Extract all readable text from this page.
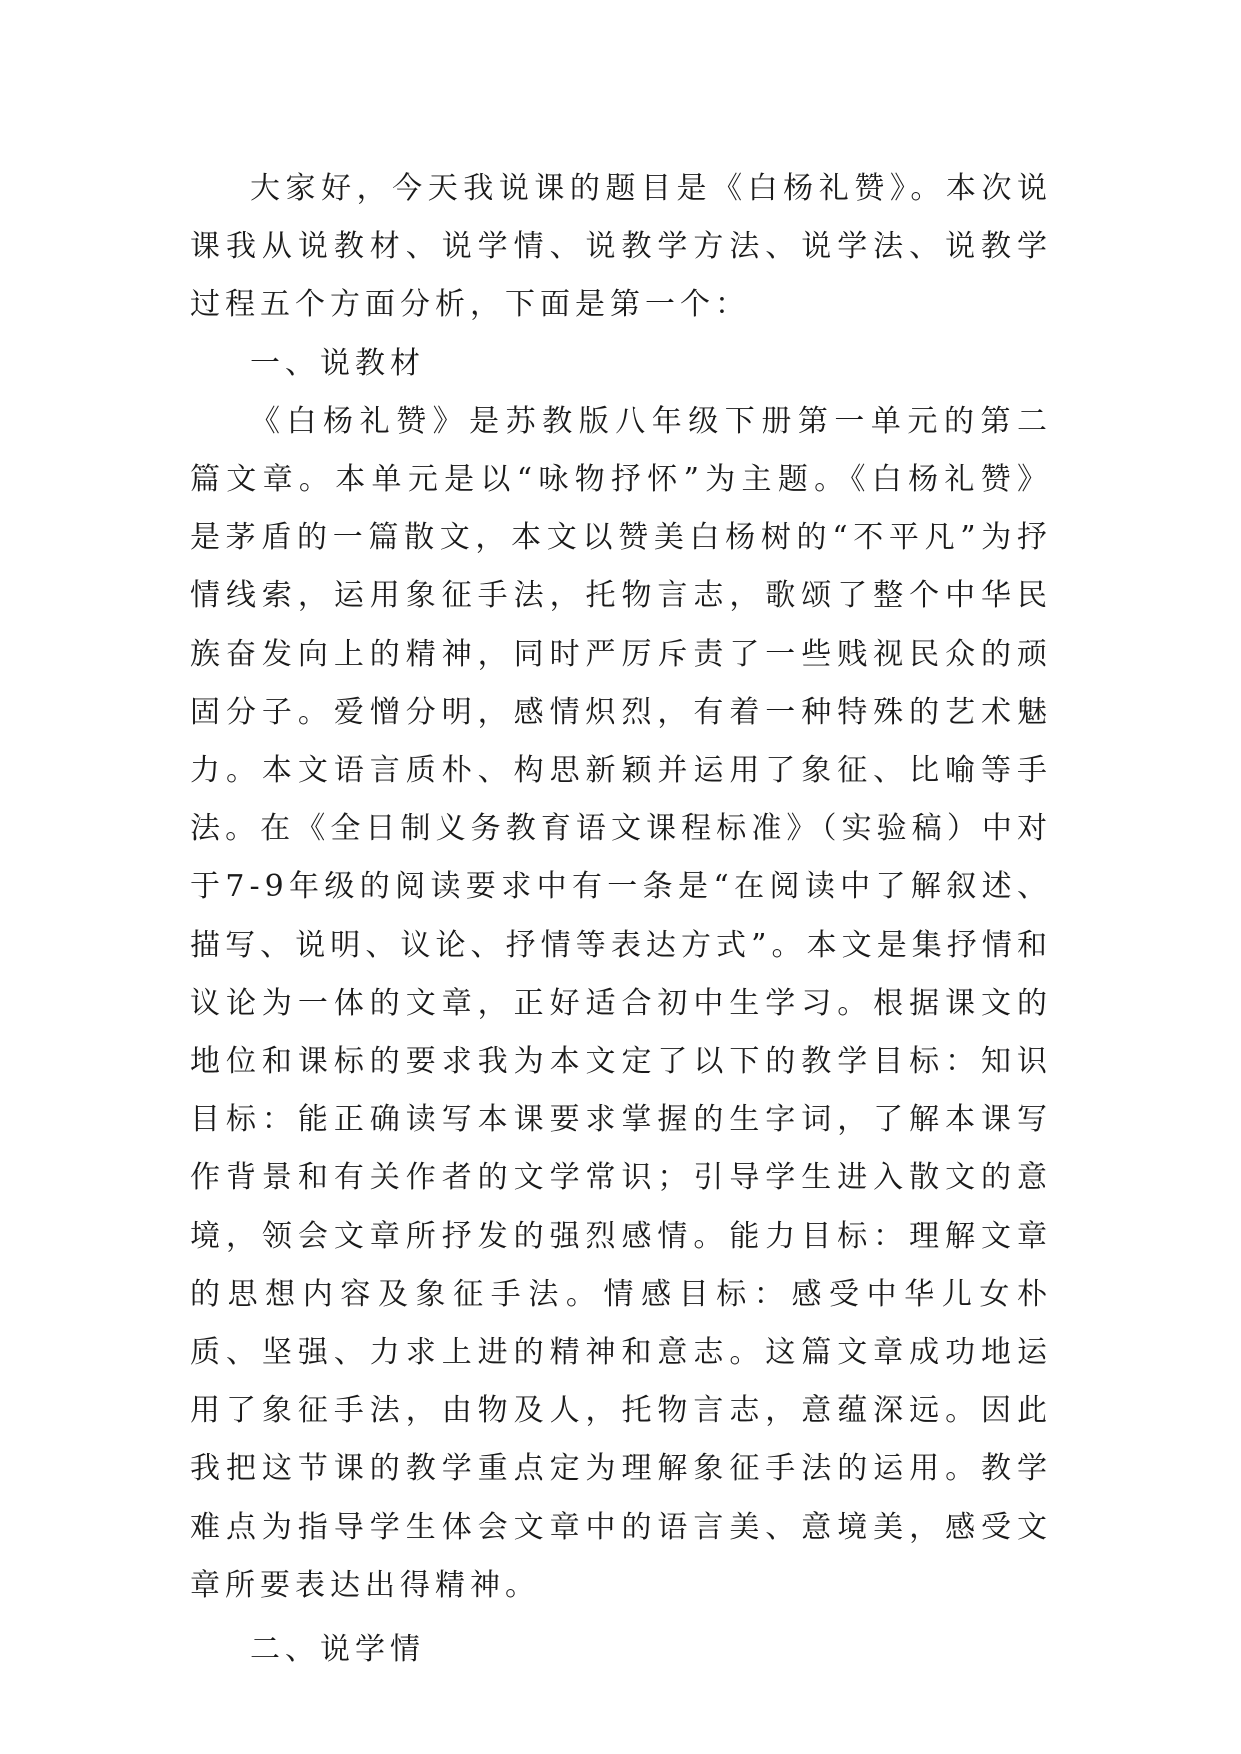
大家好，今天我说课的题目是《白杨礼赞》。本次说课我从说教材、说学情、说教学方法、说学法、说教学过程五个方面分析，下面是第一个：

一、说教材

《白杨礼赞》是苏教版八年级下册第一单元的第二篇文章。本单元是以“咏物抒怀”为主题。《白杨礼赞》是茅盾的一篇散文，本文以赞美白杨树的“不平凡”为抒情线索，运用象征手法，托物言志，歌颂了整个中华民族奋发向上的精神，同时严厉斥责了一些贱视民众的顽固分子。爱憎分明，感情炽烈，有着一种特殊的艺术魅力。本文语言质朴、构思新颖并运用了象征、比喻等手法。在《全日制义务教育语文课程标准》（实验稿）中对于7-9年级的阅读要求中有一条是“在阅读中了解叙述、描写、说明、议论、抒情等表达方式”。本文是集抒情和议论为一体的文章，正好适合初中生学习。根据课文的地位和课标的要求我为本文定了以下的教学目标：知识目标：能正确读写本课要求掌握的生字词，了解本课写作背景和有关作者的文学常识；引导学生进入散文的意境，领会文章所抒发的强烈感情。能力目标：理解文章的思想内容及象征手法。情感目标：感受中华儿女朴质、坚强、力求上进的精神和意志。这篇文章成功地运用了象征手法，由物及人，托物言志，意蕴深远。因此我把这节课的教学重点定为理解象征手法的运用。教学难点为指导学生体会文章中的语言美、意境美，感受文章所要表达出得精神。

二、说学情
